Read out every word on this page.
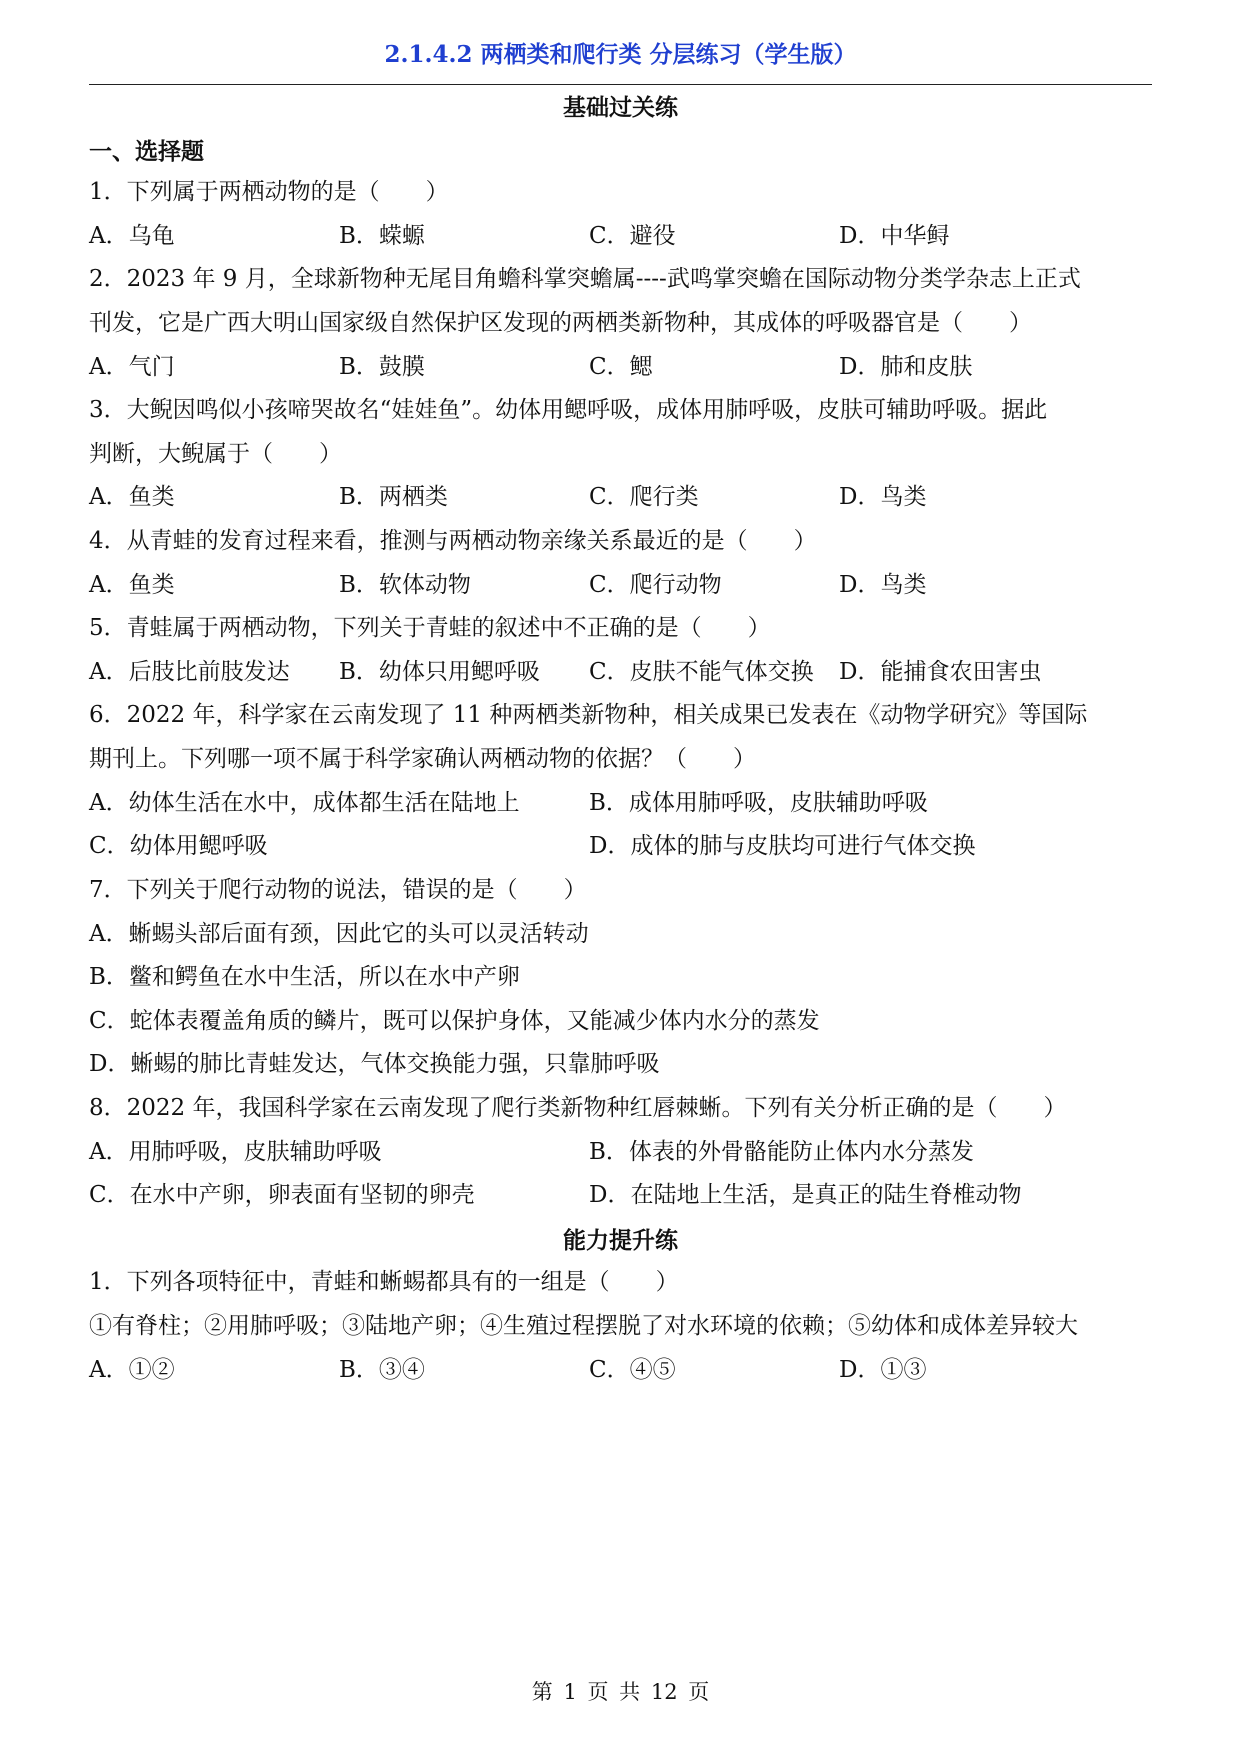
2.1.4.2 两栖类和爬行类 分层练习（学生版）
基础过关练
一、选择题
1．下列属于两栖动物的是（　　）
A．乌龟	B．蝾螈	C．避役	D．中华鲟
2．2023 年 9 月，全球新物种无尾目角蟾科掌突蟾属----武鸣掌突蟾在国际动物分类学杂志上正式
刊发，它是广西大明山国家级自然保护区发现的两栖类新物种，其成体的呼吸器官是（　　）
A．气门	B．鼓膜	C．鳃	D．肺和皮肤
3．大鲵因鸣似小孩啼哭故名“娃娃鱼”。幼体用鳃呼吸，成体用肺呼吸，皮肤可辅助呼吸。据此
判断，大鲵属于（　　）
A．鱼类	B．两栖类	C．爬行类	D．鸟类
4．从青蛙的发育过程来看，推测与两栖动物亲缘关系最近的是（　　）
A．鱼类	B．软体动物	C．爬行动物	D．鸟类
5．青蛙属于两栖动物，下列关于青蛙的叙述中不正确的是（　　）
A．后肢比前肢发达 B．幼体只用鳃呼吸 C．皮肤不能气体交换 D．能捕食农田害虫
6．2022 年，科学家在云南发现了 11 种两栖类新物种，相关成果已发表在《动物学研究》等国际
期刊上。下列哪一项不属于科学家确认两栖动物的依据？（　　）
A．幼体生活在水中，成体都生活在陆地上	B．成体用肺呼吸，皮肤辅助呼吸
C．幼体用鳃呼吸	D．成体的肺与皮肤均可进行气体交换
7．下列关于爬行动物的说法，错误的是（　　）
A．蜥蜴头部后面有颈，因此它的头可以灵活转动
B．鳖和鳄鱼在水中生活，所以在水中产卵
C．蛇体表覆盖角质的鳞片，既可以保护身体，又能减少体内水分的蒸发
D．蜥蜴的肺比青蛙发达，气体交换能力强，只靠肺呼吸
8．2022 年，我国科学家在云南发现了爬行类新物种红唇棘蜥。下列有关分析正确的是（　　）
A．用肺呼吸，皮肤辅助呼吸	B．体表的外骨骼能防止体内水分蒸发
C．在水中产卵，卵表面有坚韧的卵壳	D．在陆地上生活，是真正的陆生脊椎动物
能力提升练
1．下列各项特征中，青蛙和蜥蜴都具有的一组是（　　）
①有脊柱；②用肺呼吸；③陆地产卵；④生殖过程摆脱了对水环境的依赖；⑤幼体和成体差异较大
A．①②	B．③④	C．④⑤	D．①③
第 1 页 共 12 页
